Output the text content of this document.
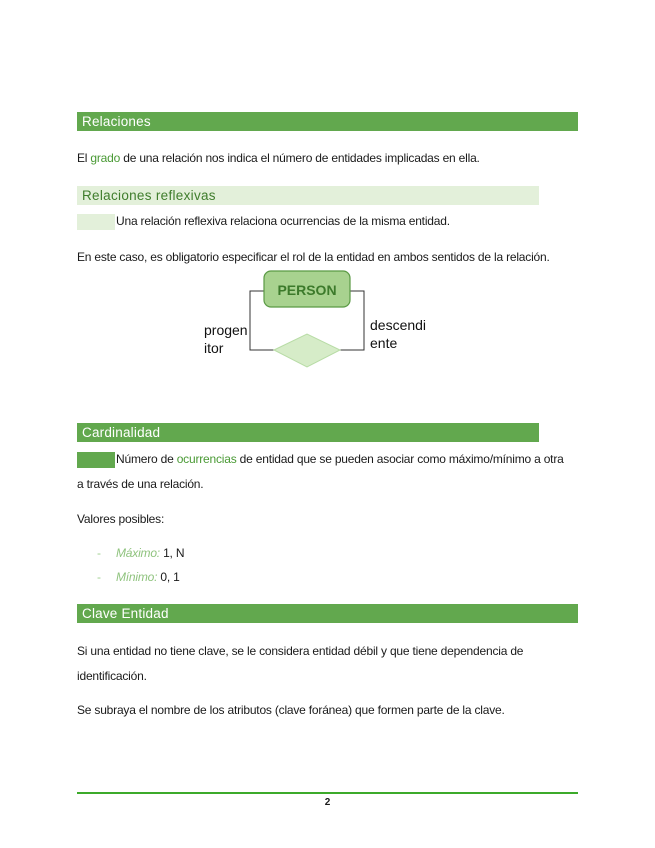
Relaciones
El grado de una relación nos indica el número de entidades implicadas en ella.
Relaciones reflexivas
Una relación reflexiva relaciona ocurrencias de la misma entidad.
En este caso, es obligatorio especificar el rol de la entidad en ambos sentidos de la relación.
PERSON
progen
itor
descendi
ente
Cardinalidad
Número de ocurrencias de entidad que se pueden asociar como máximo/mínimo a otra
a través de una relación.
Valores posibles:
- Máximo: 1, N
- Mínimo: 0, 1
Clave Entidad
Si una entidad no tiene clave, se le considera entidad débil y que tiene dependencia de
identificación.
Se subraya el nombre de los atributos (clave foránea) que formen parte de la clave.
2
